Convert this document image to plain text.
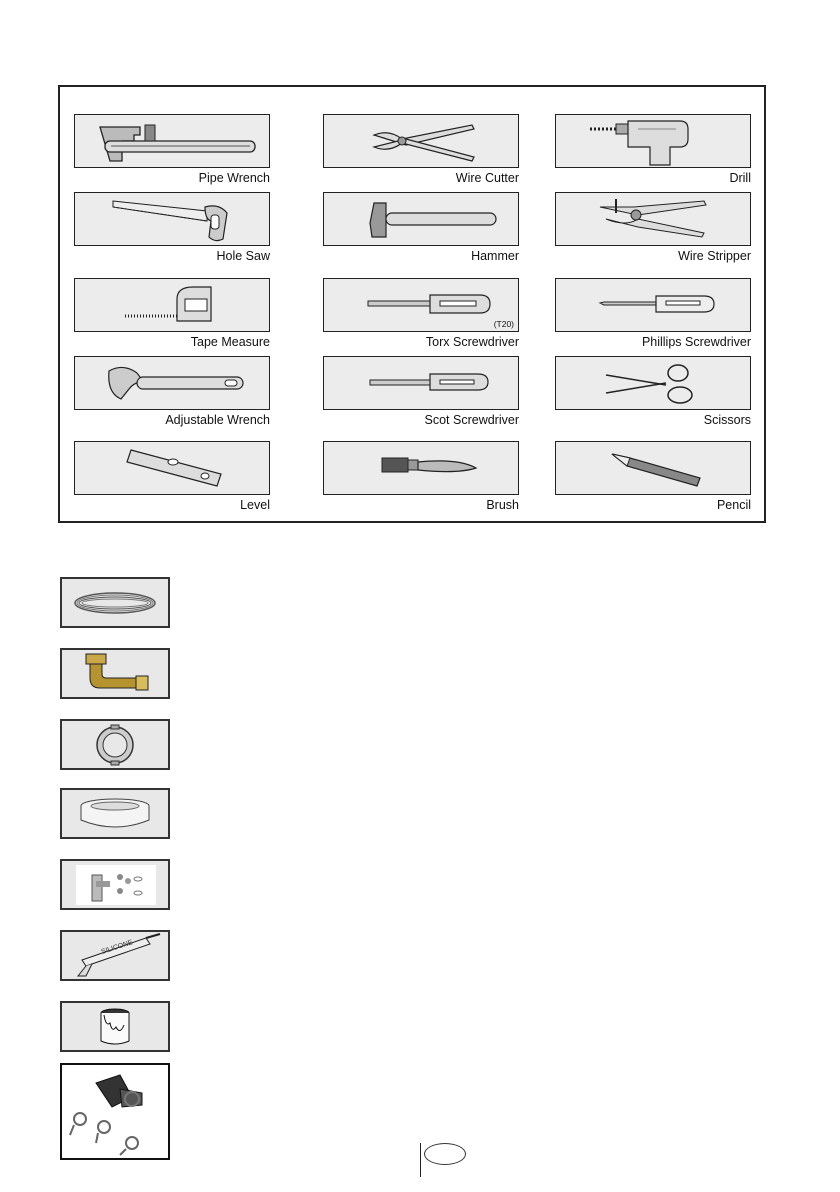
Pipe Wrench	Wire Cutter	Drill
Hole Saw	Hammer	Wire Stripper
Tape Measure
(T20)
Torx Screwdriver	Phillips Screwdriver
Adjustable Wrench	Scot Screwdriver	Scissors
Level	Brush	Pencil
SILICONE
